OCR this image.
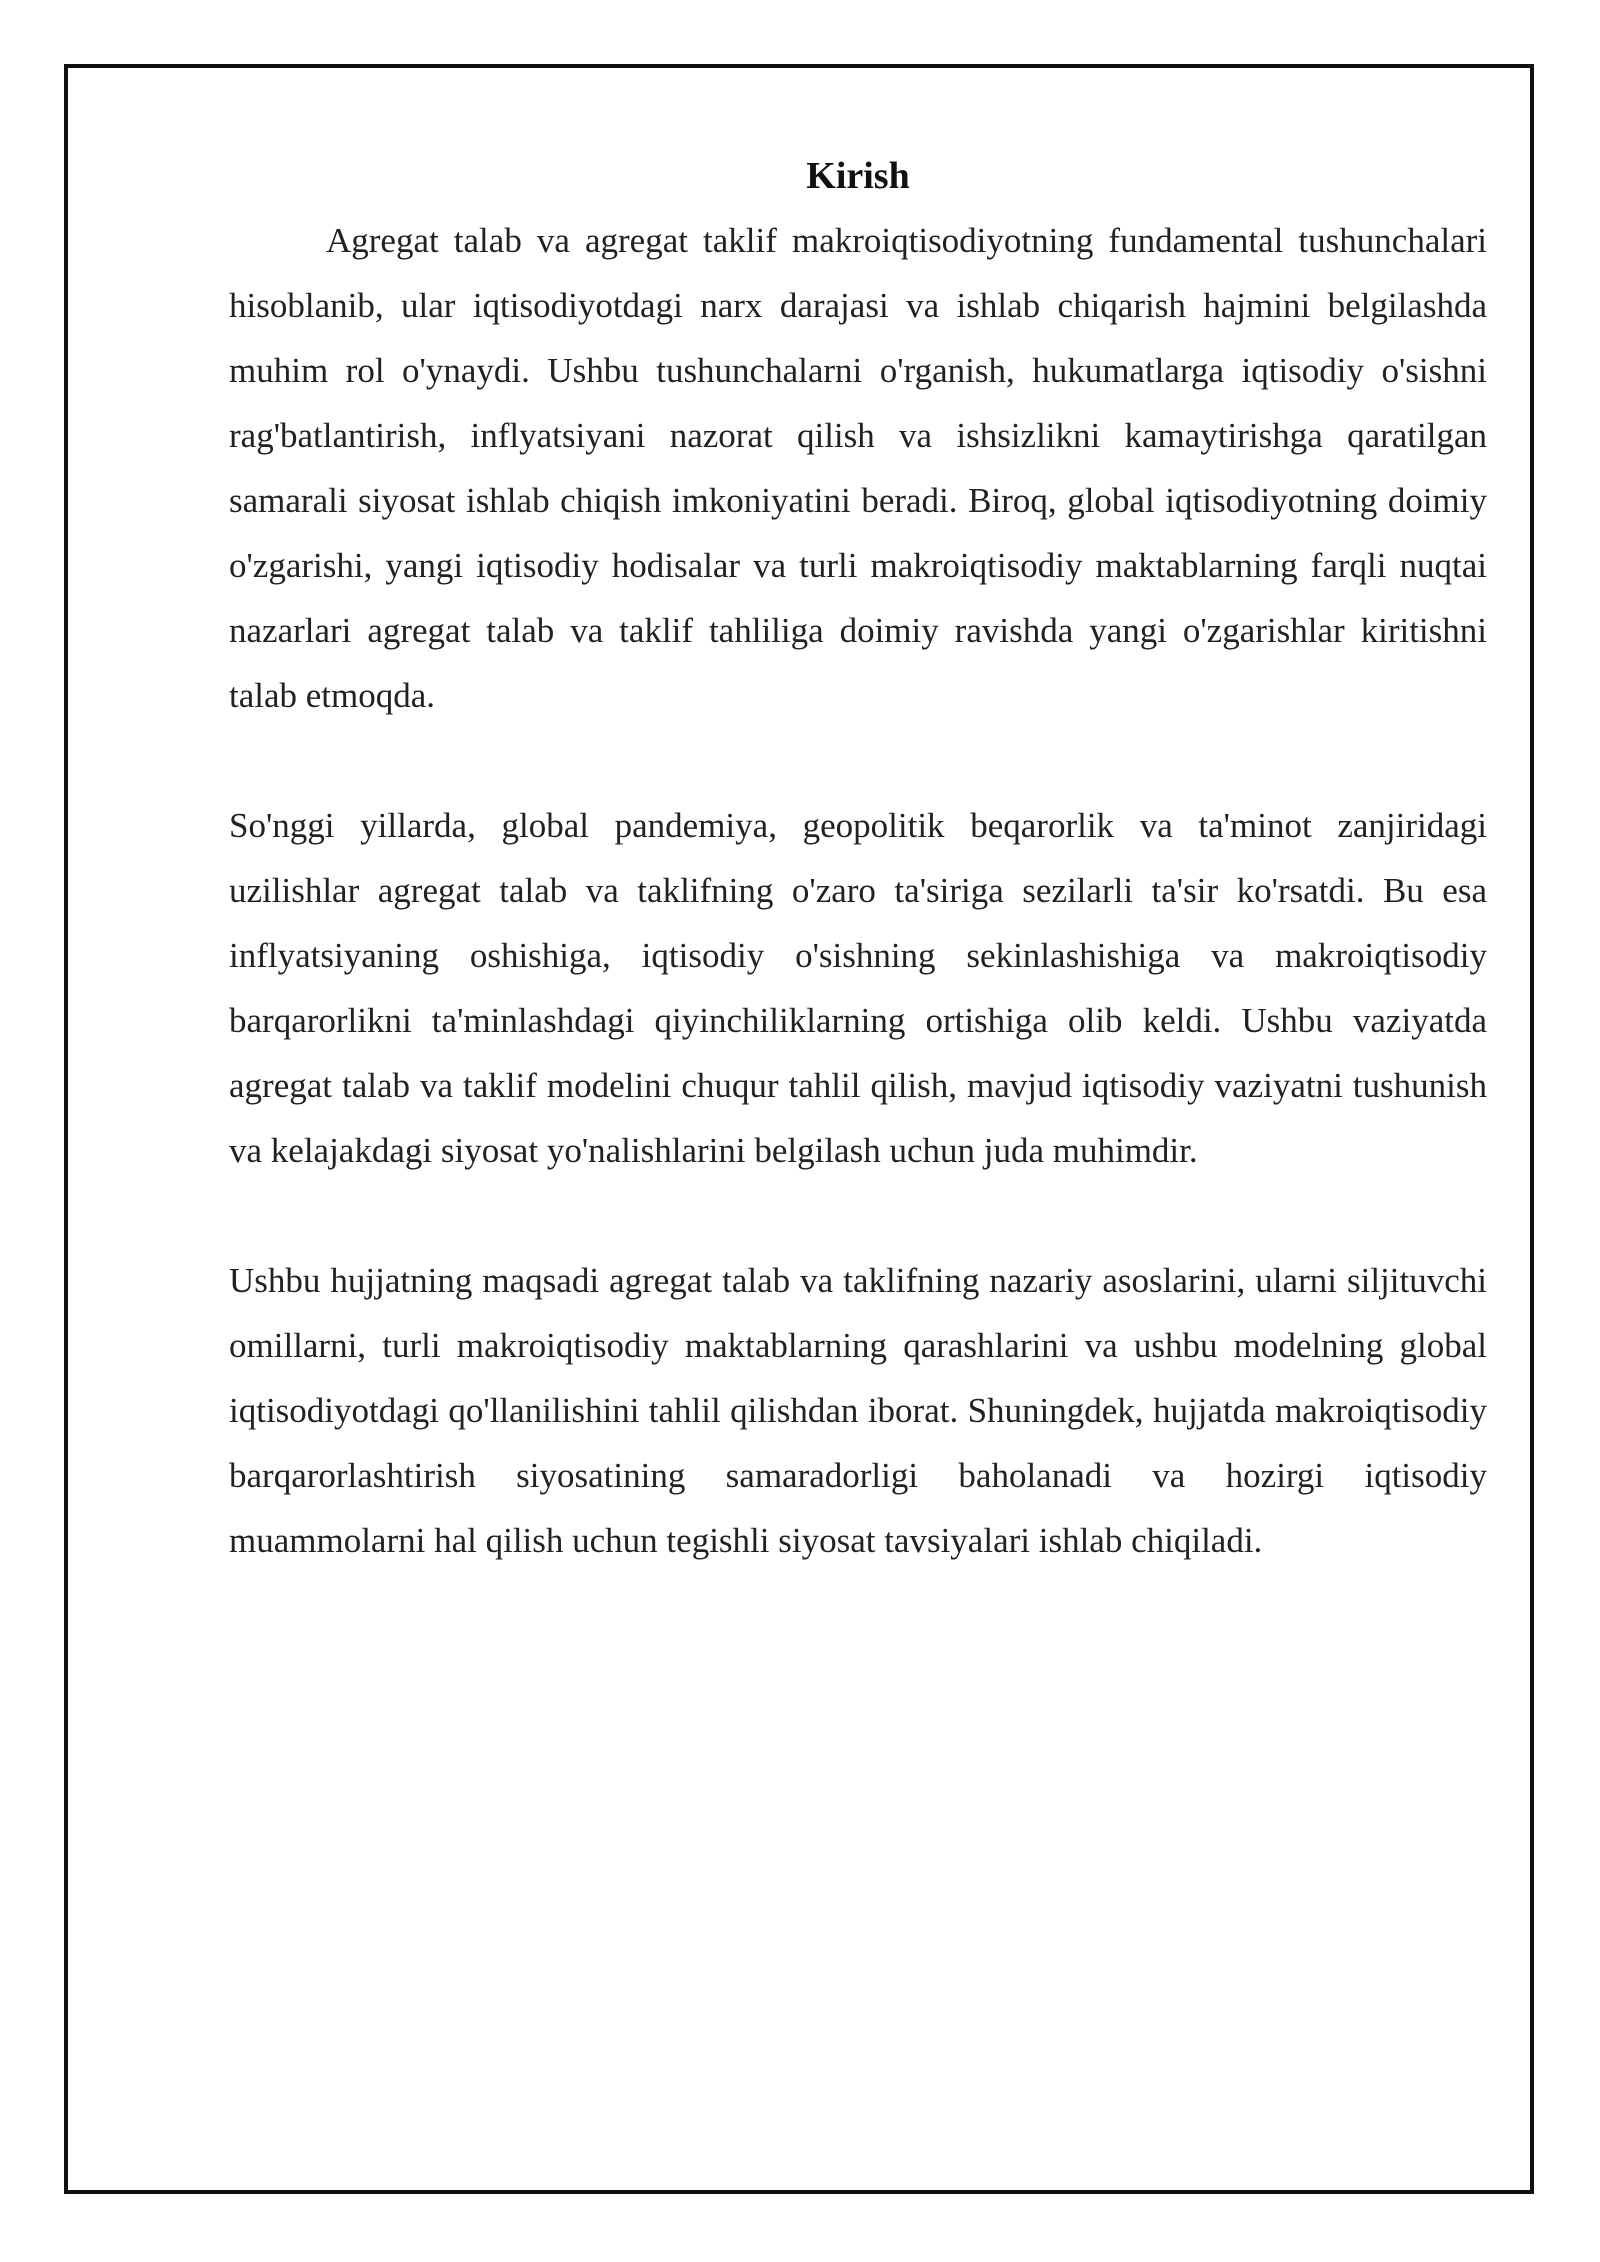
Kirish

Agregat talab va agregat taklif makroiqtisodiyotning fundamental tushunchalari hisoblanib, ular iqtisodiyotdagi narx darajasi va ishlab chiqarish hajmini belgilashda muhim rol o'ynaydi. Ushbu tushunchalarni o'rganish, hukumatlarga iqtisodiy o'sishni rag'batlantirish, inflyatsiyani nazorat qilish va ishsizlikni kamaytirishga qaratilgan samarali siyosat ishlab chiqish imkoniyatini beradi. Biroq, global iqtisodiyotning doimiy o'zgarishi, yangi iqtisodiy hodisalar va turli makroiqtisodiy maktablarning farqli nuqtai nazarlari agregat talab va taklif tahliliga doimiy ravishda yangi o'zgarishlar kiritishni talab etmoqda.

So'nggi yillarda, global pandemiya, geopolitik beqarorlik va ta'minot zanjiridagi uzilishlar agregat talab va taklifning o'zaro ta'siriga sezilarli ta'sir ko'rsatdi. Bu esa inflyatsiyaning oshishiga, iqtisodiy o'sishning sekinlashishiga va makroiqtisodiy barqarorlikni ta'minlashdagi qiyinchiliklarning ortishiga olib keldi. Ushbu vaziyatda agregat talab va taklif modelini chuqur tahlil qilish, mavjud iqtisodiy vaziyatni tushunish va kelajakdagi siyosat yo'nalishlarini belgilash uchun juda muhimdir.

Ushbu hujjatning maqsadi agregat talab va taklifning nazariy asoslarini, ularni siljituvchi omillarni, turli makroiqtisodiy maktablarning qarashlarini va ushbu modelning global iqtisodiyotdagi qo'llanilishini tahlil qilishdan iborat. Shuningdek, hujjatda makroiqtisodiy barqarorlashtirish siyosatining samaradorligi baholanadi va hozirgi iqtisodiy muammolarni hal qilish uchun tegishli siyosat tavsiyalari ishlab chiqiladi.
